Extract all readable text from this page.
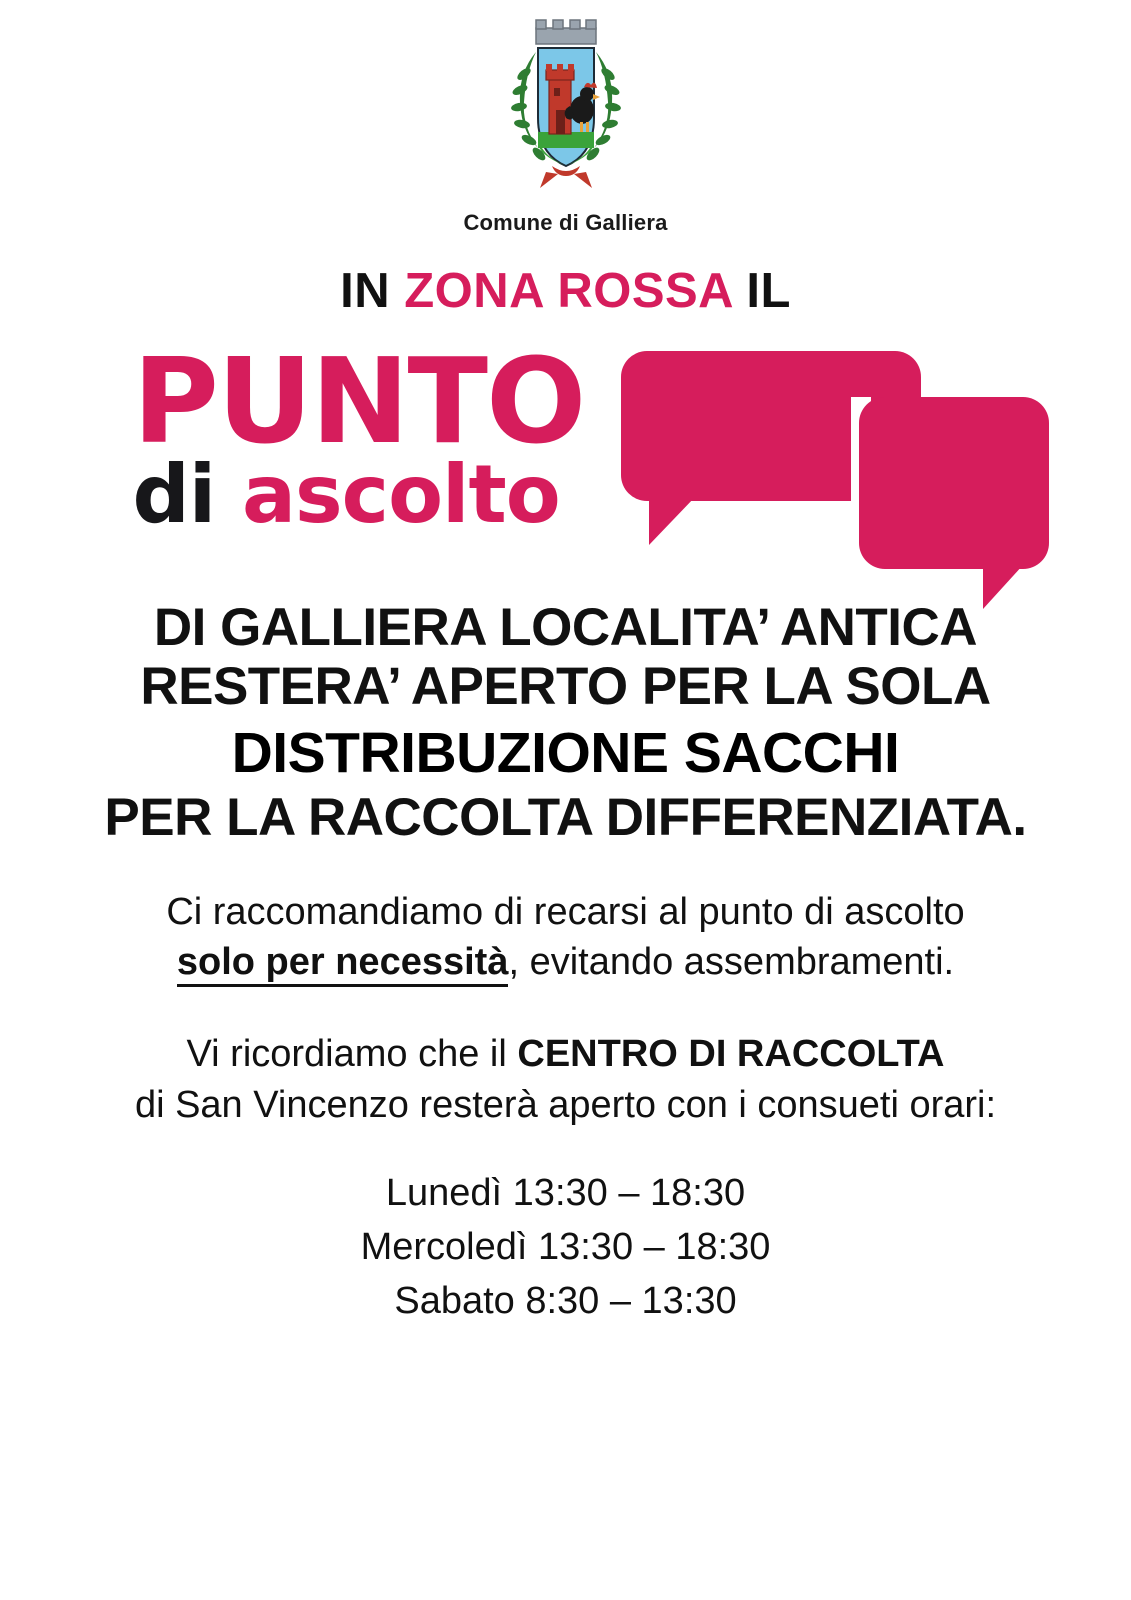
Comune di Galliera
IN ZONA ROSSA IL
PUNTO
di ascolto
DI GALLIERA LOCALITA’ ANTICA
RESTERA’ APERTO PER LA SOLA
DISTRIBUZIONE SACCHI
PER LA RACCOLTA DIFFERENZIATA.
Ci raccomandiamo di recarsi al punto di ascolto
solo per necessità, evitando assembramenti.
Vi ricordiamo che il CENTRO DI RACCOLTA
di San Vincenzo resterà aperto con i consueti orari:
Lunedì 13:30 – 18:30
Mercoledì 13:30 – 18:30
Sabato 8:30 – 13:30
